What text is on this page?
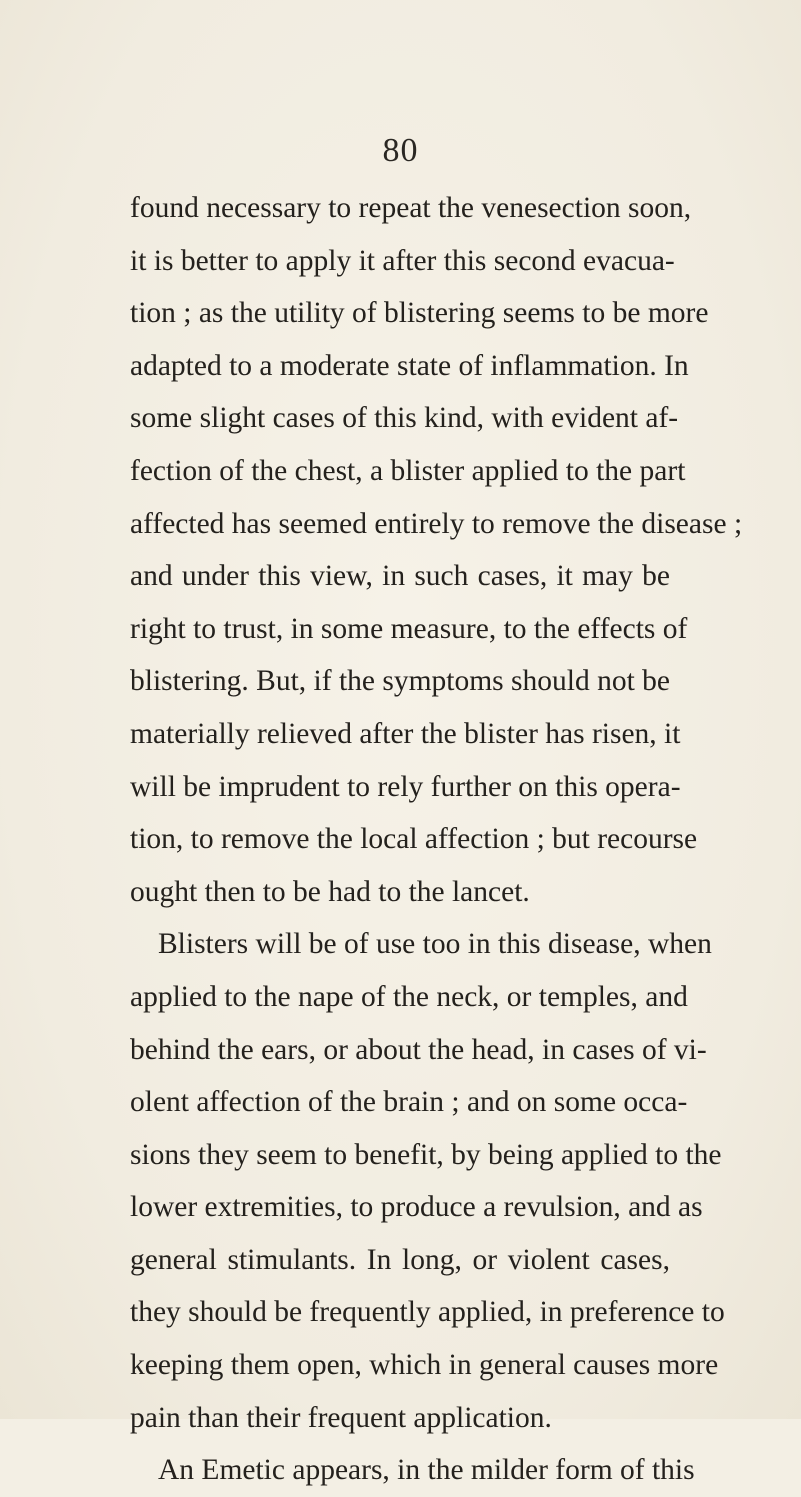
80
found necessary to repeat the venesection soon,
it is better to apply it after this second evacua-
tion ; as the utility of blistering seems to be more
adapted to a moderate state of inflammation. In
some slight cases of this kind, with evident af-
fection of the chest, a blister applied to the part
affected has seemed entirely to remove the disease ;
and under this view, in such cases, it may be
right to trust, in some measure, to the effects of
blistering. But, if the symptoms should not be
materially relieved after the blister has risen, it
will be imprudent to rely further on this opera-
tion, to remove the local affection ; but recourse
ought then to be had to the lancet.
Blisters will be of use too in this disease, when
applied to the nape of the neck, or temples, and
behind the ears, or about the head, in cases of vi-
olent affection of the brain ; and on some occa-
sions they seem to benefit, by being applied to the
lower extremities, to produce a revulsion, and as
general stimulants. In long, or violent cases,
they should be frequently applied, in preference to
keeping them open, which in general causes more
pain than their frequent application.
An Emetic appears, in the milder form of this
